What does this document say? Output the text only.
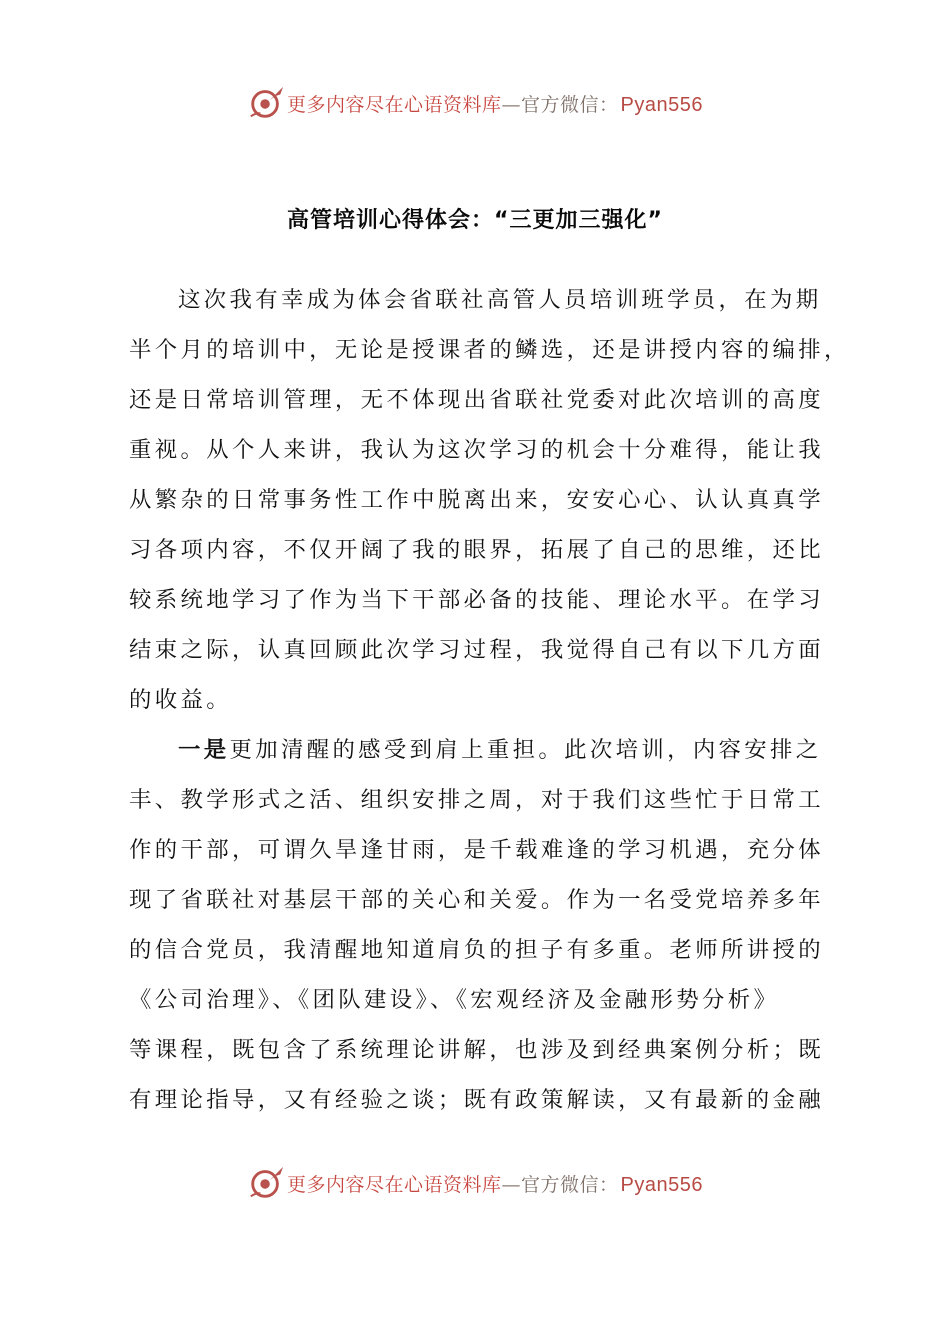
更多内容尽在心语资料库 — 官方微信： Pyan556
高管培训心得体会：“三更加三强化”
这次我有幸成为体会省联社高管人员培训班学员，在为期
半个月的培训中，无论是授课者的鳞选，还是讲授内容的编排，
还是日常培训管理，无不体现出省联社党委对此次培训的高度
重视。从个人来讲，我认为这次学习的机会十分难得，能让我
从繁杂的日常事务性工作中脱离出来，安安心心、认认真真学
习各项内容，不仅开阔了我的眼界，拓展了自己的思维，还比
较系统地学习了作为当下干部必备的技能、理论水平。在学习
结束之际，认真回顾此次学习过程，我觉得自己有以下几方面
的收益。
一是更加清醒的感受到肩上重担。此次培训，内容安排之
丰、教学形式之活、组织安排之周，对于我们这些忙于日常工
作的干部，可谓久旱逢甘雨，是千载难逢的学习机遇，充分体
现了省联社对基层干部的关心和关爱。作为一名受党培养多年
的信合党员，我清醒地知道肩负的担子有多重。老师所讲授的
《公司治理》、《团队建设》、《宏观经济及金融形势分析》
等课程，既包含了系统理论讲解，也涉及到经典案例分析；既
有理论指导，又有经验之谈；既有政策解读，又有最新的金融
更多内容尽在心语资料库 — 官方微信： Pyan556
